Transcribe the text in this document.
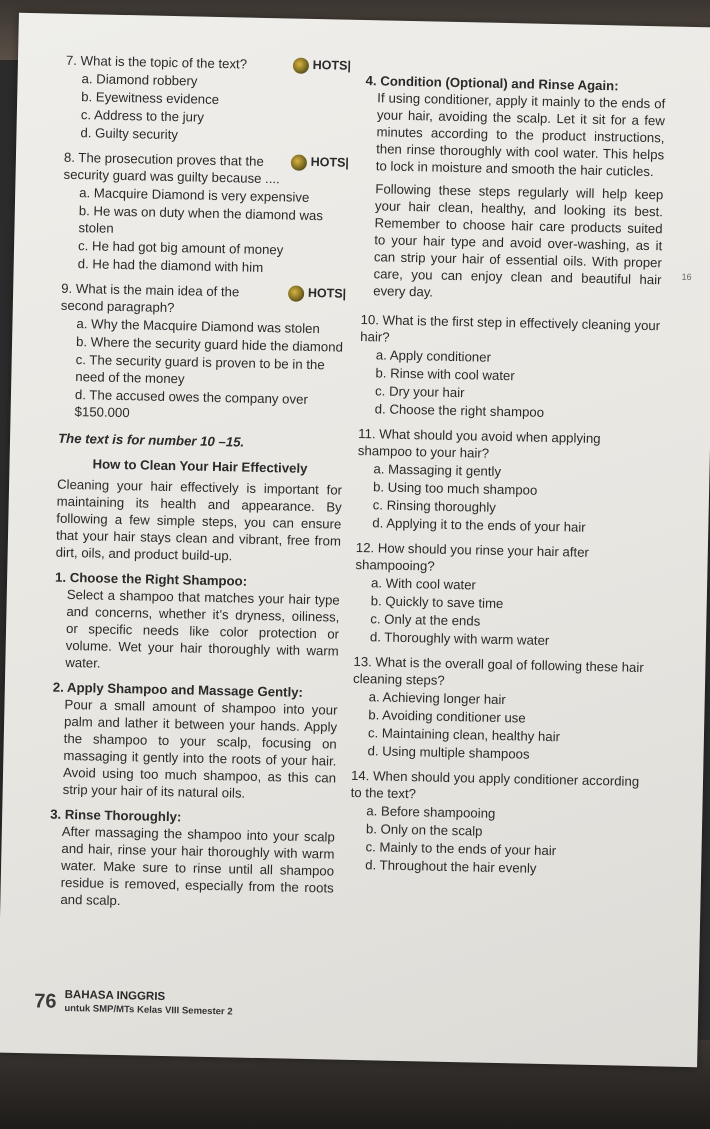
7. What is the topic of the text?	HOTS|
a. Diamond robbery
b. Eyewitness evidence
c. Address to the jury
d. Guilty security
8. The prosecution proves that the security guard was guilty because ....
HOTS|
a. Macquire Diamond is very expensive
b. He was on duty when the diamond was stolen
c. He had got big amount of money
d. He had the diamond with him
9. What is the main idea of the second paragraph?
HOTS|
a. Why the Macquire Diamond was stolen
b. Where the security guard hide the diamond
c. The security guard is proven to be in the need of the money
d. The accused owes the company over $150.000
The text is for number 10 –15.
How to Clean Your Hair Effectively
Cleaning your hair effectively is important for maintaining its health and appearance. By following a few simple steps, you can ensure that your hair stays clean and vibrant, free from dirt, oils, and product build-up.
1. Choose the Right Shampoo:
Select a shampoo that matches your hair type and concerns, whether it’s dryness, oiliness, or specific needs like color protection or volume. Wet your hair thoroughly with warm water.
2. Apply Shampoo and Massage Gently:
Pour a small amount of shampoo into your palm and lather it between your hands. Apply the shampoo to your scalp, focusing on massaging it gently into the roots of your hair. Avoid using too much shampoo, as this can strip your hair of its natural oils.
3. Rinse Thoroughly:
After massaging the shampoo into your scalp and hair, rinse your hair thoroughly with warm water. Make sure to rinse until all shampoo residue is removed, especially from the roots and scalp.
4. Condition (Optional) and Rinse Again:
If using conditioner, apply it mainly to the ends of your hair, avoiding the scalp. Let it sit for a few minutes according to the product instructions, then rinse thoroughly with cool water. This helps to lock in moisture and smooth the hair cuticles.
Following these steps regularly will help keep your hair clean, healthy, and looking its best. Remember to choose hair care products suited to your hair type and avoid over-washing, as it can strip your hair of essential oils. With proper care, you can enjoy clean and beautiful hair every day.
10. What is the first step in effectively cleaning your hair?
a. Apply conditioner
b. Rinse with cool water
c. Dry your hair
d. Choose the right shampoo
11. What should you avoid when applying shampoo to your hair?
a. Massaging it gently
b. Using too much shampoo
c. Rinsing thoroughly
d. Applying it to the ends of your hair
12. How should you rinse your hair after shampooing?
a. With cool water
b. Quickly to save time
c. Only at the ends
d. Thoroughly with warm water
13. What is the overall goal of following these hair cleaning steps?
a. Achieving longer hair
b. Avoiding conditioner use
c. Maintaining clean, healthy hair
d. Using multiple shampoos
14. When should you apply conditioner according to the text?
a. Before shampooing
b. Only on the scalp
c. Mainly to the ends of your hair
d. Throughout the hair evenly
16
76 BAHASA INGGRIS
untuk SMP/MTs Kelas VIII Semester 2
